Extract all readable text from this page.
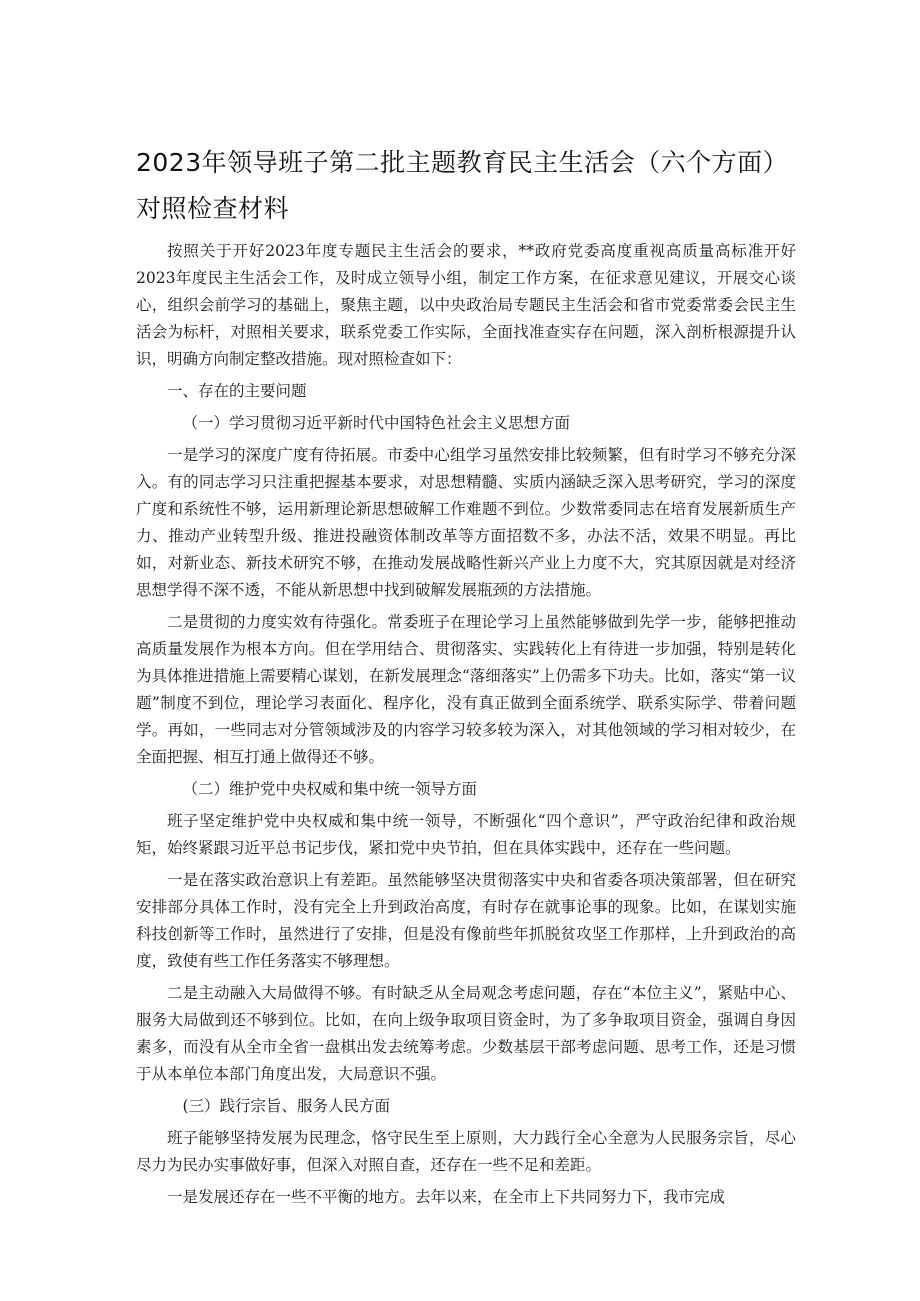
2023年领导班子第二批主题教育民主生活会（六个方面）对照检查材料

按照关于开好2023年度专题民主生活会的要求，**政府党委高度重视高质量高标准开好2023年度民主生活会工作，及时成立领导小组，制定工作方案，在征求意见建议，开展交心谈心，组织会前学习的基础上，聚焦主题，以中央政治局专题民主生活会和省市党委常委会民主生活会为标杆，对照相关要求，联系党委工作实际，全面找准查实存在问题，深入剖析根源提升认识，明确方向制定整改措施。现对照检查如下：

一、存在的主要问题

（一）学习贯彻习近平新时代中国特色社会主义思想方面

一是学习的深度广度有待拓展。市委中心组学习虽然安排比较频繁，但有时学习不够充分深入。有的同志学习只注重把握基本要求，对思想精髓、实质内涵缺乏深入思考研究，学习的深度广度和系统性不够，运用新理论新思想破解工作难题不到位。少数常委同志在培育发展新质生产力、推动产业转型升级、推进投融资体制改革等方面招数不多，办法不活，效果不明显。再比如，对新业态、新技术研究不够，在推动发展战略性新兴产业上力度不大，究其原因就是对经济思想学得不深不透，不能从新思想中找到破解发展瓶颈的方法措施。

二是贯彻的力度实效有待强化。常委班子在理论学习上虽然能够做到先学一步，能够把推动高质量发展作为根本方向。但在学用结合、贯彻落实、实践转化上有待进一步加强，特别是转化为具体推进措施上需要精心谋划，在新发展理念“落细落实”上仍需多下功夫。比如，落实“第一议题”制度不到位，理论学习表面化、程序化，没有真正做到全面系统学、联系实际学、带着问题学。再如，一些同志对分管领域涉及的内容学习较多较为深入，对其他领域的学习相对较少，在全面把握、相互打通上做得还不够。

（二）维护党中央权威和集中统一领导方面

班子坚定维护党中央权威和集中统一领导，不断强化“四个意识”，严守政治纪律和政治规矩，始终紧跟习近平总书记步伐，紧扣党中央节拍，但在具体实践中，还存在一些问题。

一是在落实政治意识上有差距。虽然能够坚决贯彻落实中央和省委各项决策部署，但在研究安排部分具体工作时，没有完全上升到政治高度，有时存在就事论事的现象。比如，在谋划实施科技创新等工作时，虽然进行了安排，但是没有像前些年抓脱贫攻坚工作那样，上升到政治的高度，致使有些工作任务落实不够理想。

二是主动融入大局做得不够。有时缺乏从全局观念考虑问题，存在“本位主义”，紧贴中心、服务大局做到还不够到位。比如，在向上级争取项目资金时，为了多争取项目资金，强调自身因素多，而没有从全市全省一盘棋出发去统筹考虑。少数基层干部考虑问题、思考工作，还是习惯于从本单位本部门角度出发，大局意识不强。

(三）践行宗旨、服务人民方面

班子能够坚持发展为民理念，恪守民生至上原则，大力践行全心全意为人民服务宗旨，尽心尽力为民办实事做好事，但深入对照自查，还存在一些不足和差距。

一是发展还存在一些不平衡的地方。去年以来，在全市上下共同努力下，我市完成
